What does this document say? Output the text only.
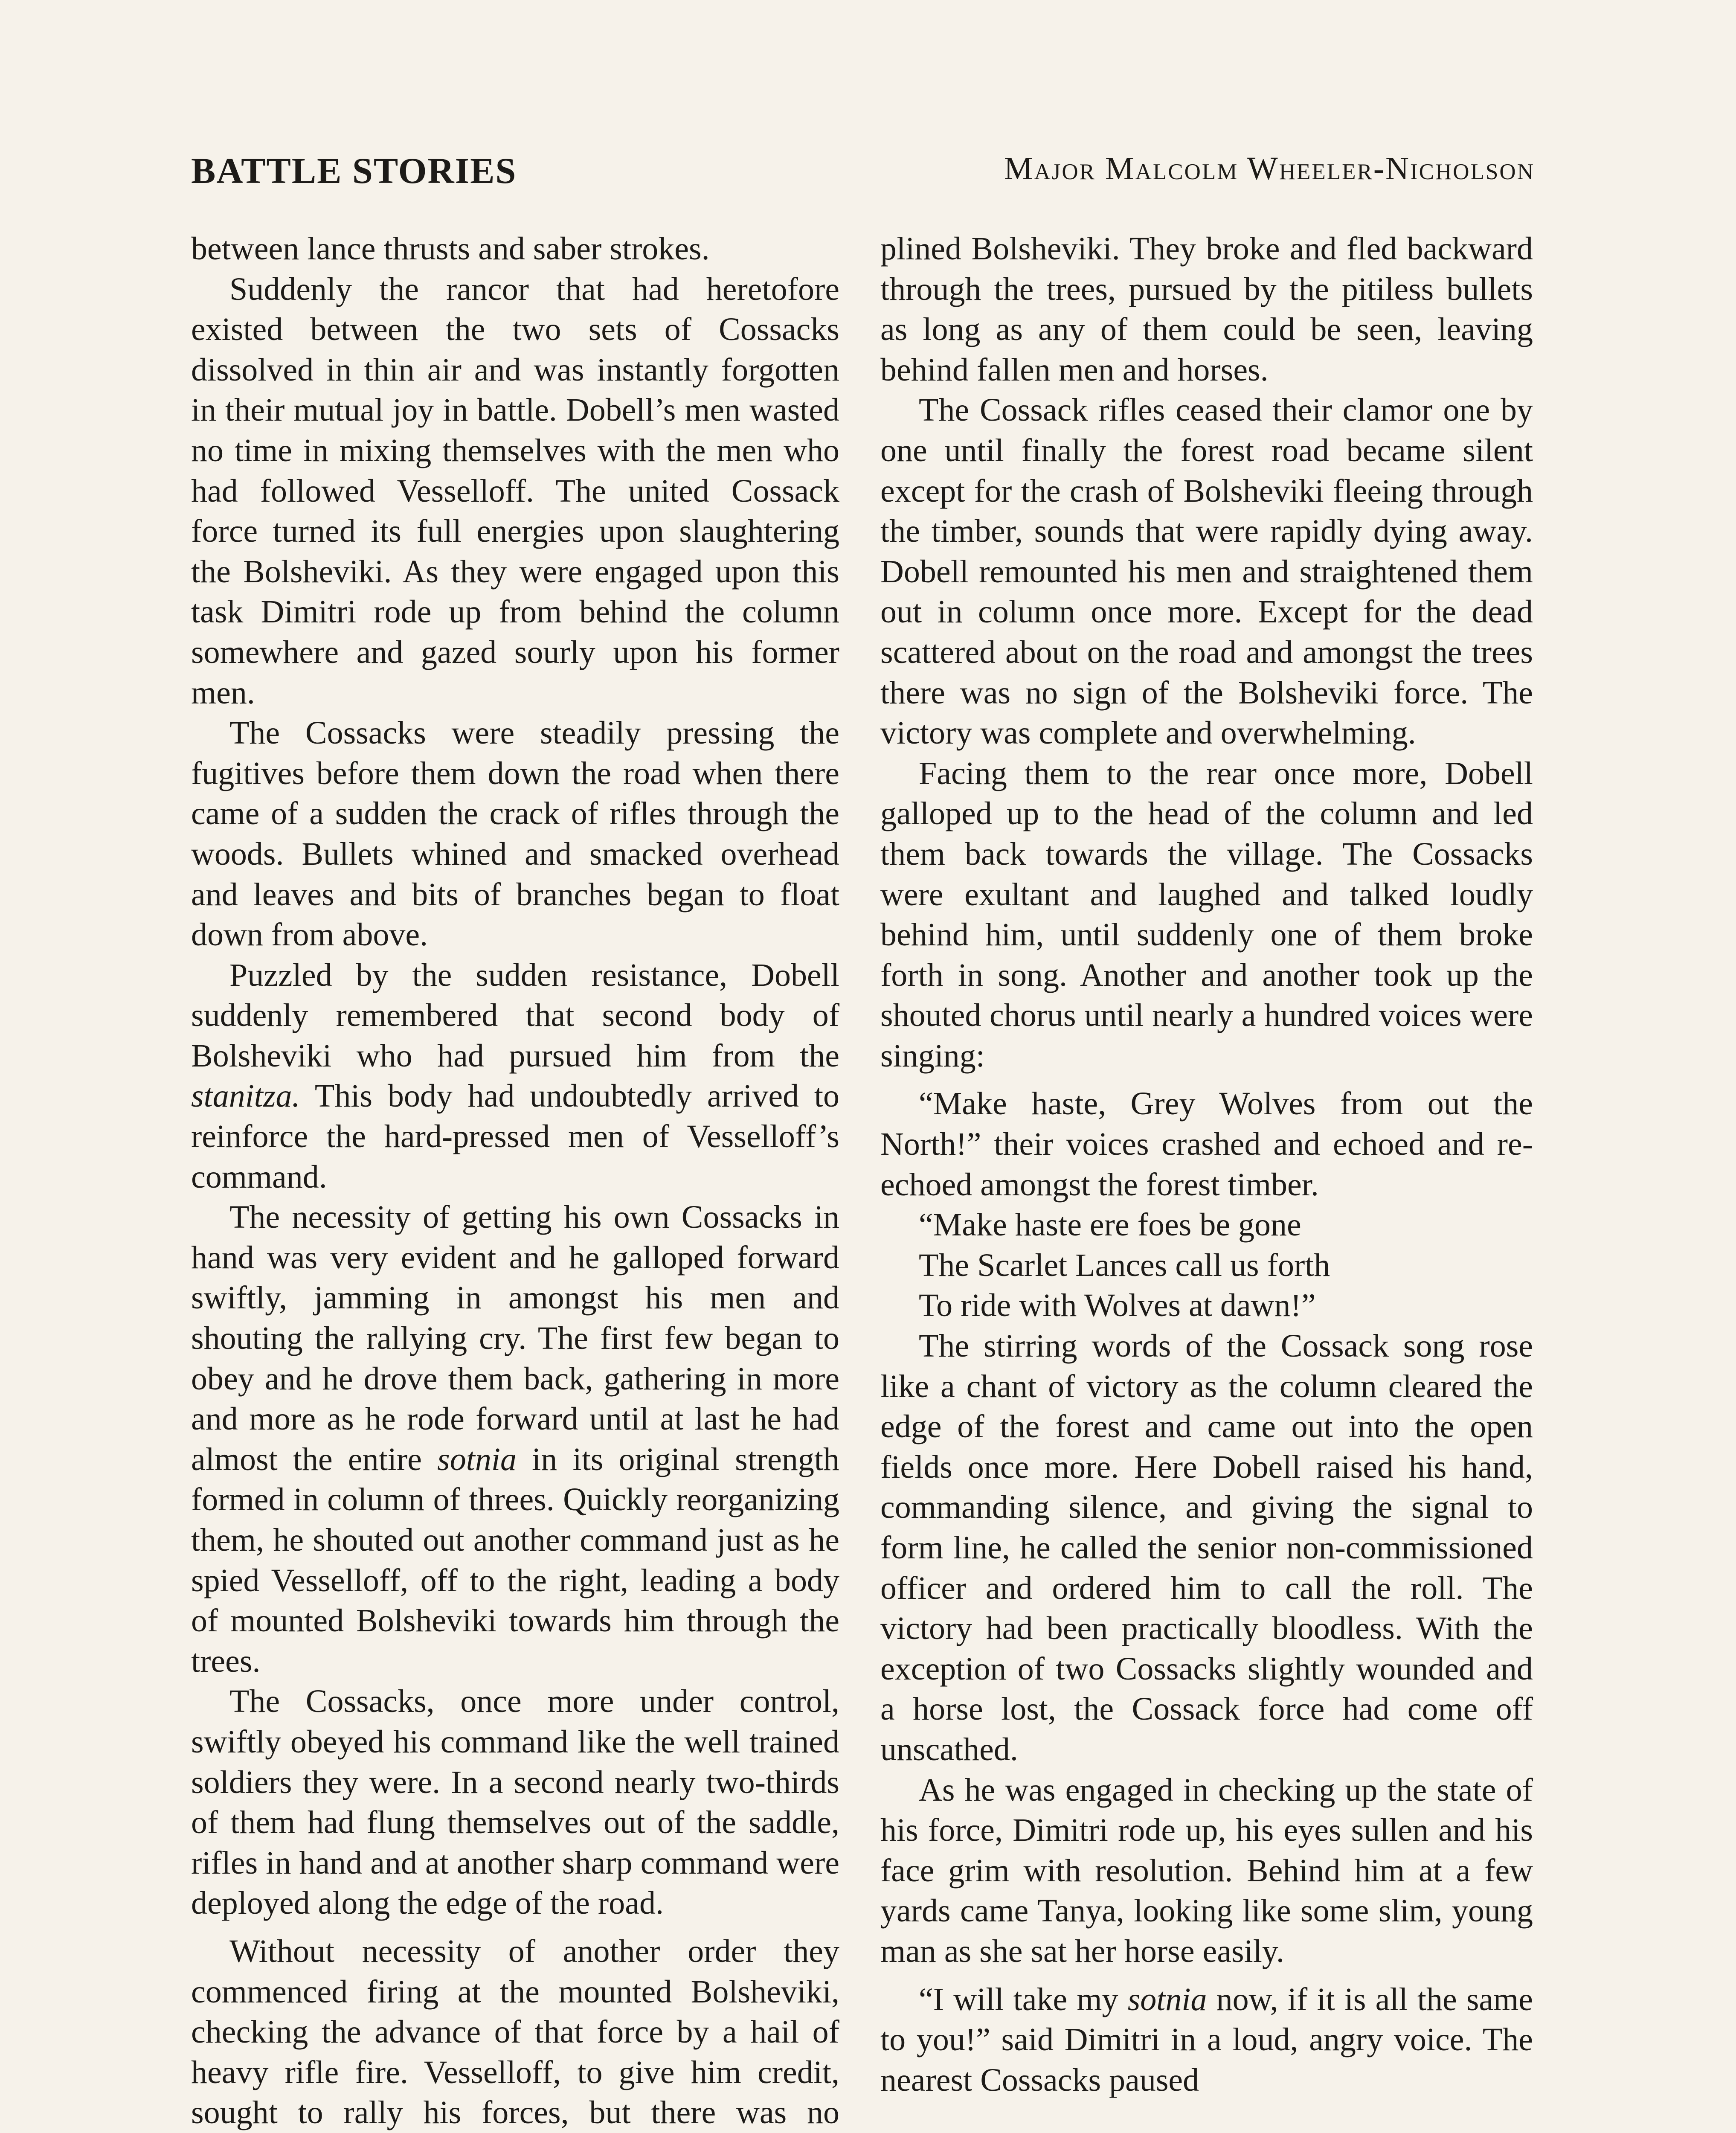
BATTLE STORIES	Major Malcolm Wheeler-Nicholson

between lance thrusts and saber strokes.

Suddenly the rancor that had heretofore existed between the two sets of Cossacks dissolved in thin air and was instantly forgotten in their mutual joy in battle. Dobell’s men wasted no time in mixing themselves with the men who had followed Vesselloff. The united Cossack force turned its full energies upon slaughtering the Bolsheviki. As they were engaged upon this task Dimitri rode up from behind the column somewhere and gazed sourly upon his former men.

The Cossacks were steadily pressing the fugitives before them down the road when there came of a sudden the crack of rifles through the woods. Bullets whined and smacked overhead and leaves and bits of branches began to float down from above.

Puzzled by the sudden resistance, Dobell suddenly remembered that second body of Bolsheviki who had pursued him from the stanitza. This body had undoubtedly arrived to reinforce the hard-pressed men of Vesselloff’s command.

The necessity of getting his own Cossacks in hand was very evident and he galloped forward swiftly, jamming in amongst his men and shouting the rallying cry. The first few began to obey and he drove them back, gathering in more and more as he rode forward until at last he had almost the entire sotnia in its original strength formed in column of threes. Quickly reorganizing them, he shouted out another command just as he spied Vesselloff, off to the right, leading a body of mounted Bolsheviki towards him through the trees.

The Cossacks, once more under control, swiftly obeyed his command like the well trained soldiers they were. In a second nearly two-thirds of them had flung themselves out of the saddle, rifles in hand and at another sharp command were deployed along the edge of the road.

Without necessity of another order they commenced firing at the mounted Bolsheviki, checking the advance of that force by a hail of heavy rifle fire. Vesselloff, to give him credit, sought to rally his forces, but there was no

plined Bolsheviki. They broke and fled backward through the trees, pursued by the pitiless bullets as long as any of them could be seen, leaving behind fallen men and horses.

The Cossack rifles ceased their clamor one by one until finally the forest road became silent except for the crash of Bolsheviki fleeing through the timber, sounds that were rapidly dying away. Dobell remounted his men and straightened them out in column once more. Except for the dead scattered about on the road and amongst the trees there was no sign of the Bolsheviki force. The victory was complete and overwhelming.

Facing them to the rear once more, Dobell galloped up to the head of the column and led them back towards the village. The Cossacks were exultant and laughed and talked loudly behind him, until suddenly one of them broke forth in song. Another and another took up the shouted chorus until nearly a hundred voices were singing:

“Make haste, Grey Wolves from out the North!” their voices crashed and echoed and re-echoed amongst the forest timber.

“Make haste ere foes be gone

The Scarlet Lances call us forth

To ride with Wolves at dawn!”

The stirring words of the Cossack song rose like a chant of victory as the column cleared the edge of the forest and came out into the open fields once more. Here Dobell raised his hand, commanding silence, and giving the signal to form line, he called the senior non-commissioned officer and ordered him to call the roll. The victory had been practically bloodless. With the exception of two Cossacks slightly wounded and a horse lost, the Cossack force had come off unscathed.

As he was engaged in checking up the state of his force, Dimitri rode up, his eyes sullen and his face grim with resolution. Behind him at a few yards came Tanya, looking like some slim, young man as she sat her horse easily.

“I will take my sotnia now, if it is all the same to you!” said Dimitri in a loud, angry voice. The nearest Cossacks paused
